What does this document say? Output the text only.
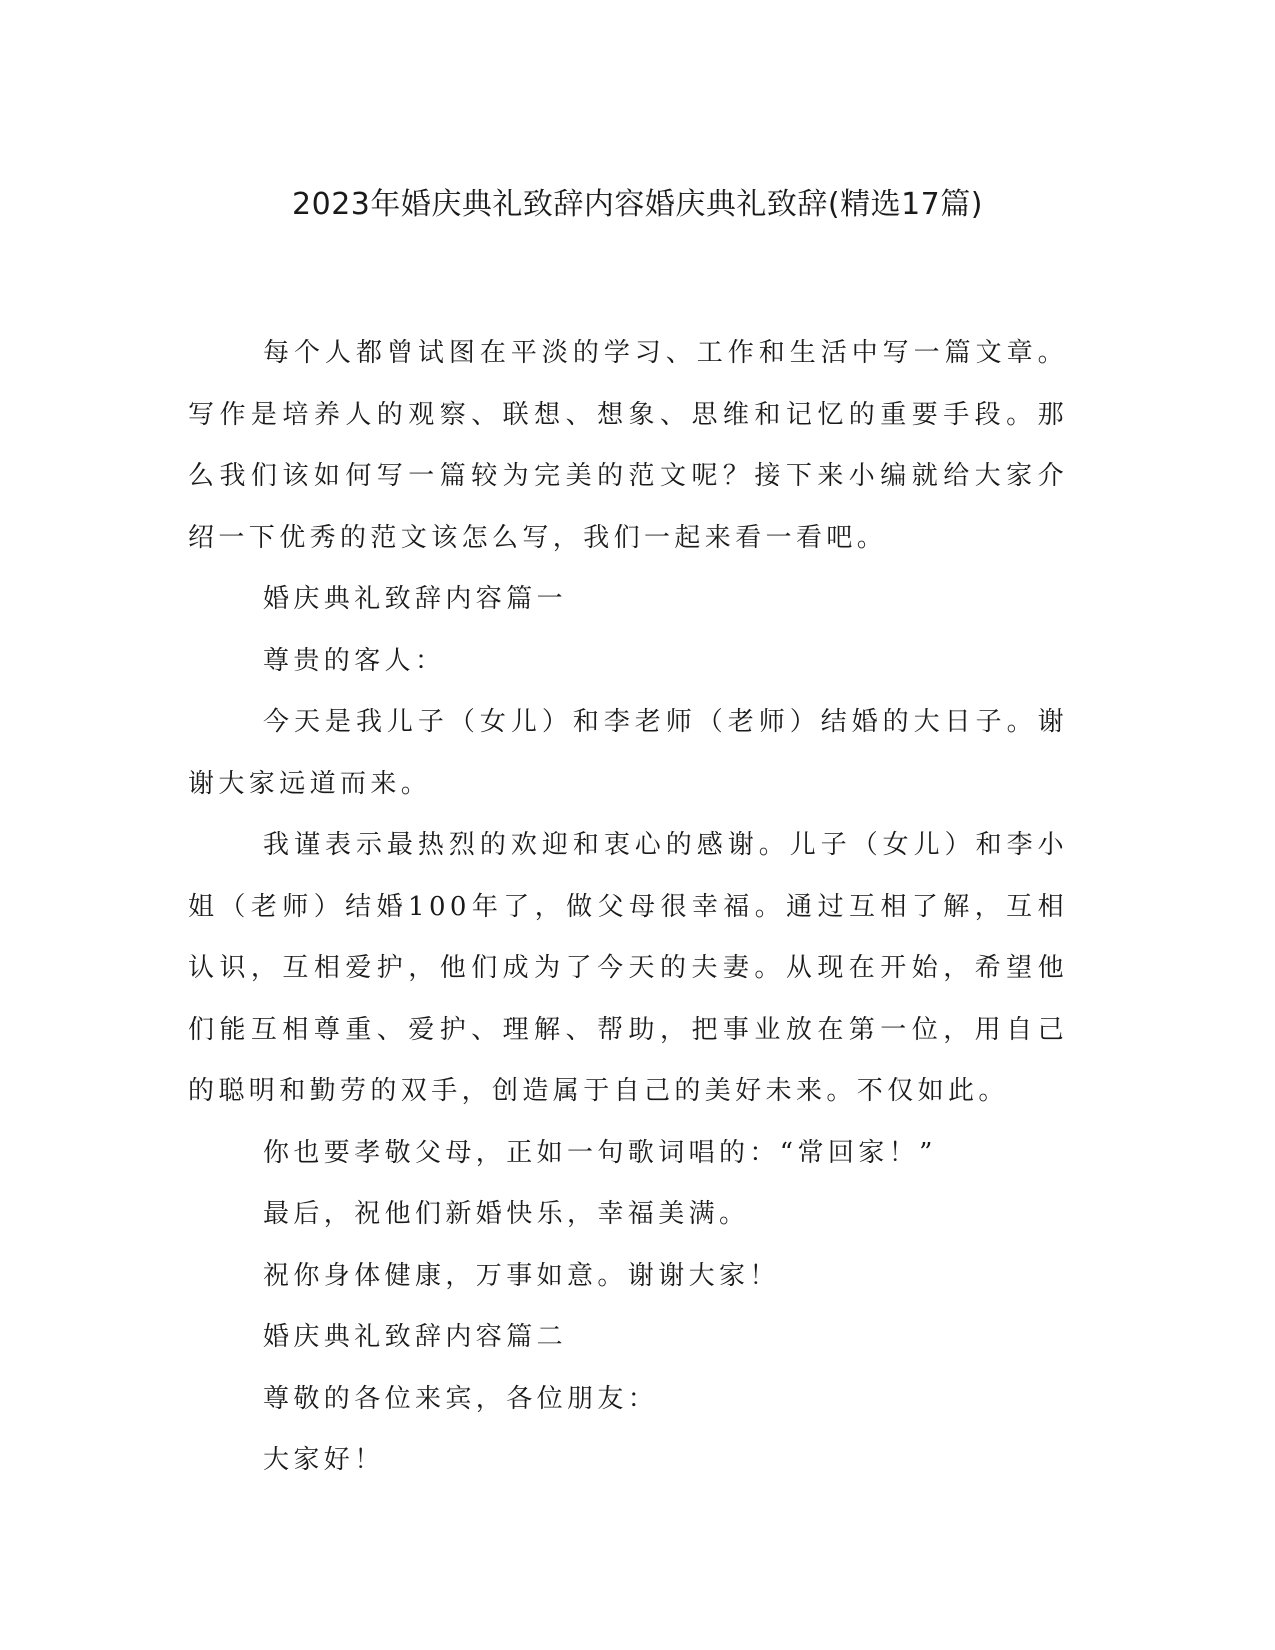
2023年婚庆典礼致辞内容婚庆典礼致辞(精选17篇)

每个人都曾试图在平淡的学习、工作和生活中写一篇文章。写作是培养人的观察、联想、想象、思维和记忆的重要手段。那么我们该如何写一篇较为完美的范文呢？接下来小编就给大家介绍一下优秀的范文该怎么写，我们一起来看一看吧。

婚庆典礼致辞内容篇一

尊贵的客人：

今天是我儿子（女儿）和李老师（老师）结婚的大日子。谢谢大家远道而来。

我谨表示最热烈的欢迎和衷心的感谢。儿子（女儿）和李小姐（老师）结婚100年了，做父母很幸福。通过互相了解，互相认识，互相爱护，他们成为了今天的夫妻。从现在开始，希望他们能互相尊重、爱护、理解、帮助，把事业放在第一位，用自己的聪明和勤劳的双手，创造属于自己的美好未来。不仅如此。

你也要孝敬父母，正如一句歌词唱的：“常回家！”

最后，祝他们新婚快乐，幸福美满。

祝你身体健康，万事如意。谢谢大家！

婚庆典礼致辞内容篇二

尊敬的各位来宾，各位朋友：

大家好！
